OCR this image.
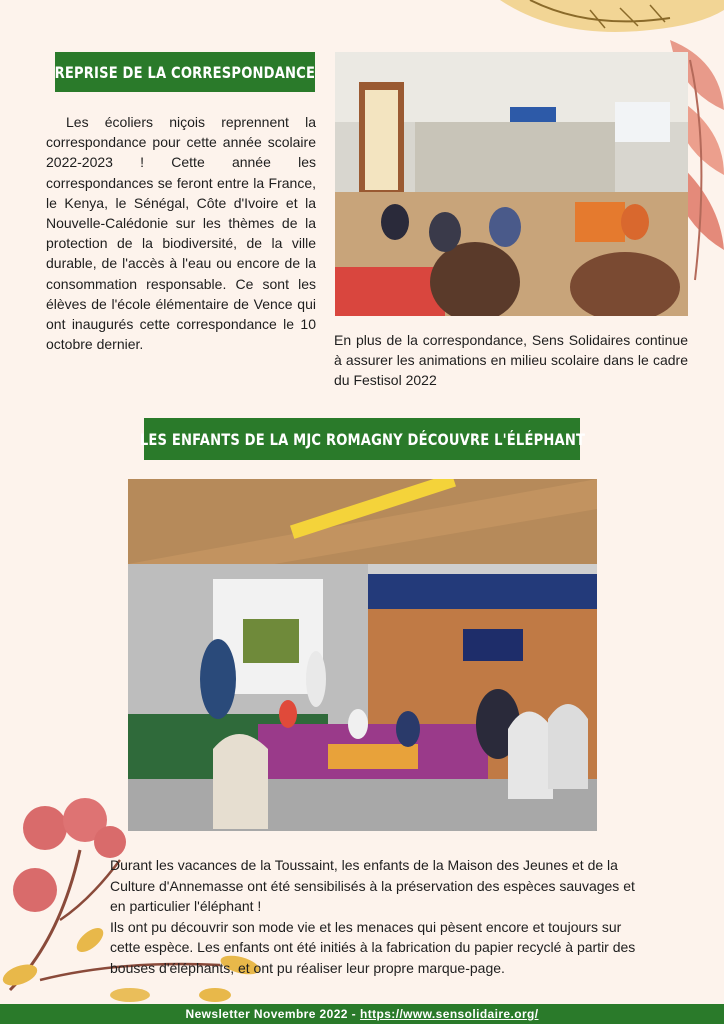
REPRISE DE LA CORRESPONDANCE

Les écoliers niçois reprennent la correspondance pour cette année scolaire 2022-2023 ! Cette année les correspondances se feront entre la France, le Kenya, le Sénégal, Côte d'Ivoire et la Nouvelle-Calédonie sur les thèmes de la protection de la biodiversité, de la ville durable, de l'accès à l'eau ou encore de la consommation responsable. Ce sont les élèves de l'école élémentaire de Vence qui ont inaugurés cette correspondance le 10 octobre dernier.	En plus de la correspondance, Sens Solidaires continue à assurer les animations en milieu scolaire dans le cadre du Festisol 2022

LES ENFANTS DE LA MJC ROMAGNY DÉCOUVRE L'ÉLÉPHANT

Durant les vacances de la Toussaint, les enfants de la Maison des Jeunes et de la Culture d'Annemasse ont été sensibilisés à la préservation des espèces sauvages et en particulier l'éléphant !
Ils ont pu découvrir son mode vie et les menaces qui pèsent encore et toujours sur cette espèce. Les enfants ont été initiés à la fabrication du papier recyclé à partir des bouses d'éléphants, et ont pu réaliser leur propre marque-page.

Newsletter Novembre 2022 - https://www.sensolidaire.org/
